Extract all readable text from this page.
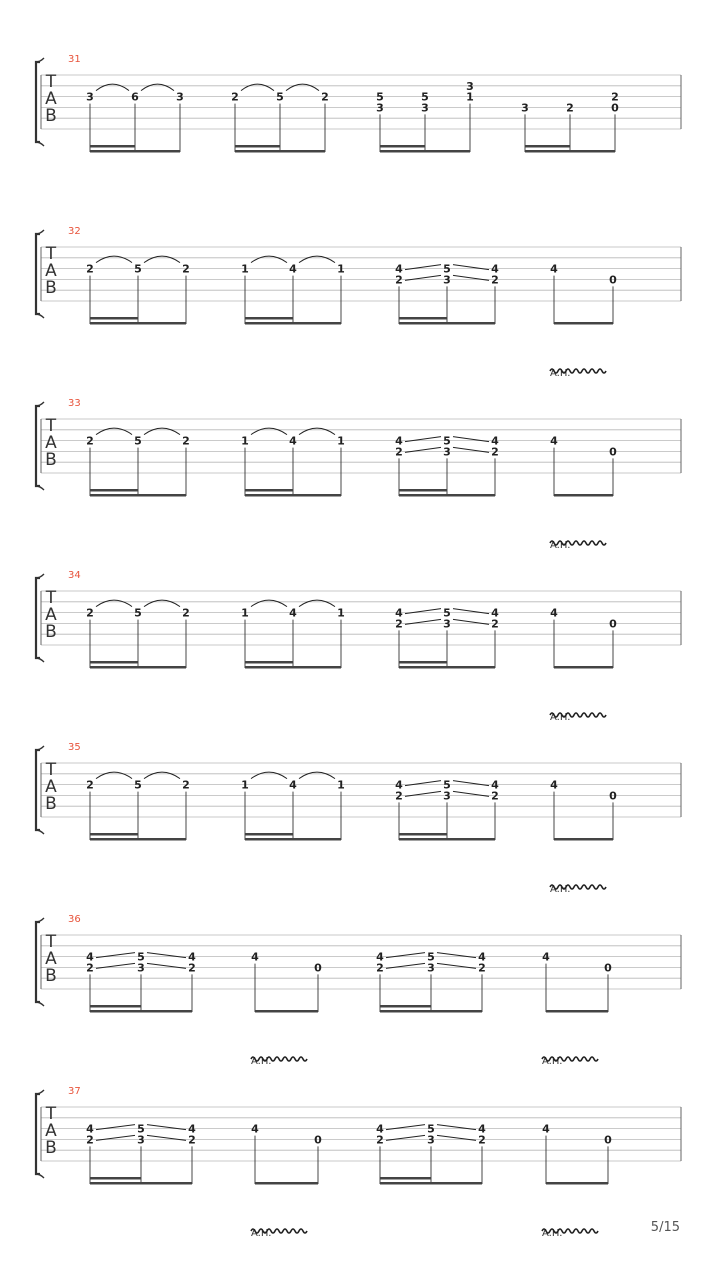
31
T
A
B
3	6	3	2	5	2	5
3
5
3
3
1
3	2
2
0
32
T
A
B
2	5	2	1	4	1	4
2
5
3
4
2
4
0
A.H.
33
T
A
B
2	5	2	1	4	1	4
2
5
3
4
2
4
0
A.H.
34
T
A
B
2	5	2	1	4	1	4
2
5
3
4
2
4
0
A.H.
35
T
A
B
2	5	2	1	4	1	4
2
5
3
4
2
4
0
A.H.
36
T
A
B
4
2
5
3
4
2
4
0
4
2
5
3
4
2
4
0
A.H.	A.H.
37
T
A
B
4
2
5
3
4
2
4
0
4
2
5
3
4
2
4
0
A.H.	A.H.	5/15
